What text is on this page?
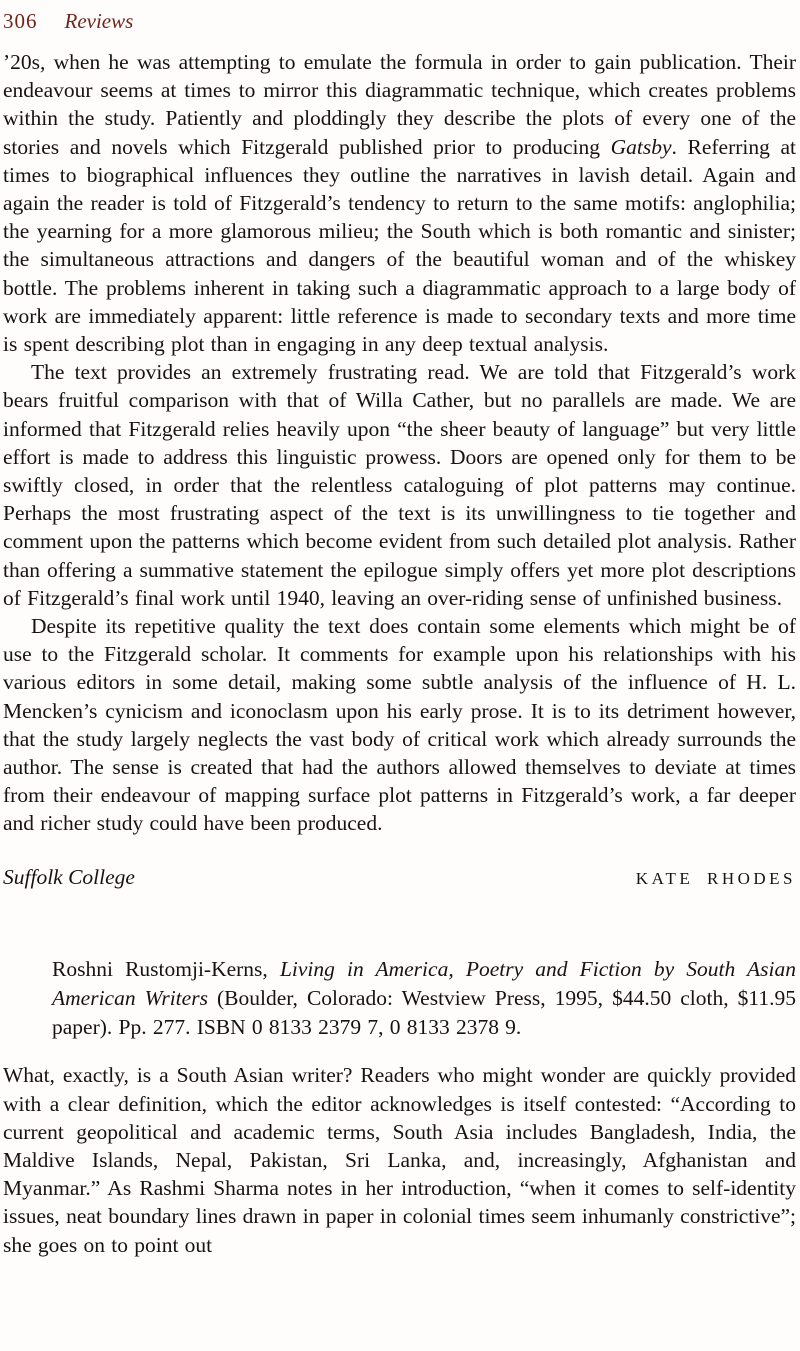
306 Reviews

’20s, when he was attempting to emulate the formula in order to gain publication. Their endeavour seems at times to mirror this diagrammatic technique, which creates problems within the study. Patiently and ploddingly they describe the plots of every one of the stories and novels which Fitzgerald published prior to producing Gatsby. Referring at times to biographical influences they outline the narratives in lavish detail. Again and again the reader is told of Fitzgerald’s tendency to return to the same motifs: anglophilia; the yearning for a more glamorous milieu; the South which is both romantic and sinister; the simultaneous attractions and dangers of the beautiful woman and of the whiskey bottle. The problems inherent in taking such a diagrammatic approach to a large body of work are immediately apparent: little reference is made to secondary texts and more time is spent describing plot than in engaging in any deep textual analysis.

The text provides an extremely frustrating read. We are told that Fitzgerald’s work bears fruitful comparison with that of Willa Cather, but no parallels are made. We are informed that Fitzgerald relies heavily upon “the sheer beauty of language” but very little effort is made to address this linguistic prowess. Doors are opened only for them to be swiftly closed, in order that the relentless cataloguing of plot patterns may continue. Perhaps the most frustrating aspect of the text is its unwillingness to tie together and comment upon the patterns which become evident from such detailed plot analysis. Rather than offering a summative statement the epilogue simply offers yet more plot descriptions of Fitzgerald’s final work until 1940, leaving an over-riding sense of unfinished business.

Despite its repetitive quality the text does contain some elements which might be of use to the Fitzgerald scholar. It comments for example upon his relationships with his various editors in some detail, making some subtle analysis of the influence of H. L. Mencken’s cynicism and iconoclasm upon his early prose. It is to its detriment however, that the study largely neglects the vast body of critical work which already surrounds the author. The sense is created that had the authors allowed themselves to deviate at times from their endeavour of mapping surface plot patterns in Fitzgerald’s work, a far deeper and richer study could have been produced.

Suffolk College	KATE RHODES

Roshni Rustomji-Kerns, Living in America, Poetry and Fiction by South Asian American Writers (Boulder, Colorado: Westview Press, 1995, $44.50 cloth, $11.95 paper). Pp. 277. ISBN 0 8133 2379 7, 0 8133 2378 9.

What, exactly, is a South Asian writer? Readers who might wonder are quickly provided with a clear definition, which the editor acknowledges is itself contested: “According to current geopolitical and academic terms, South Asia includes Bangladesh, India, the Maldive Islands, Nepal, Pakistan, Sri Lanka, and, increasingly, Afghanistan and Myanmar.” As Rashmi Sharma notes in her introduction, “when it comes to self-identity issues, neat boundary lines drawn in paper in colonial times seem inhumanly constrictive”; she goes on to point out
